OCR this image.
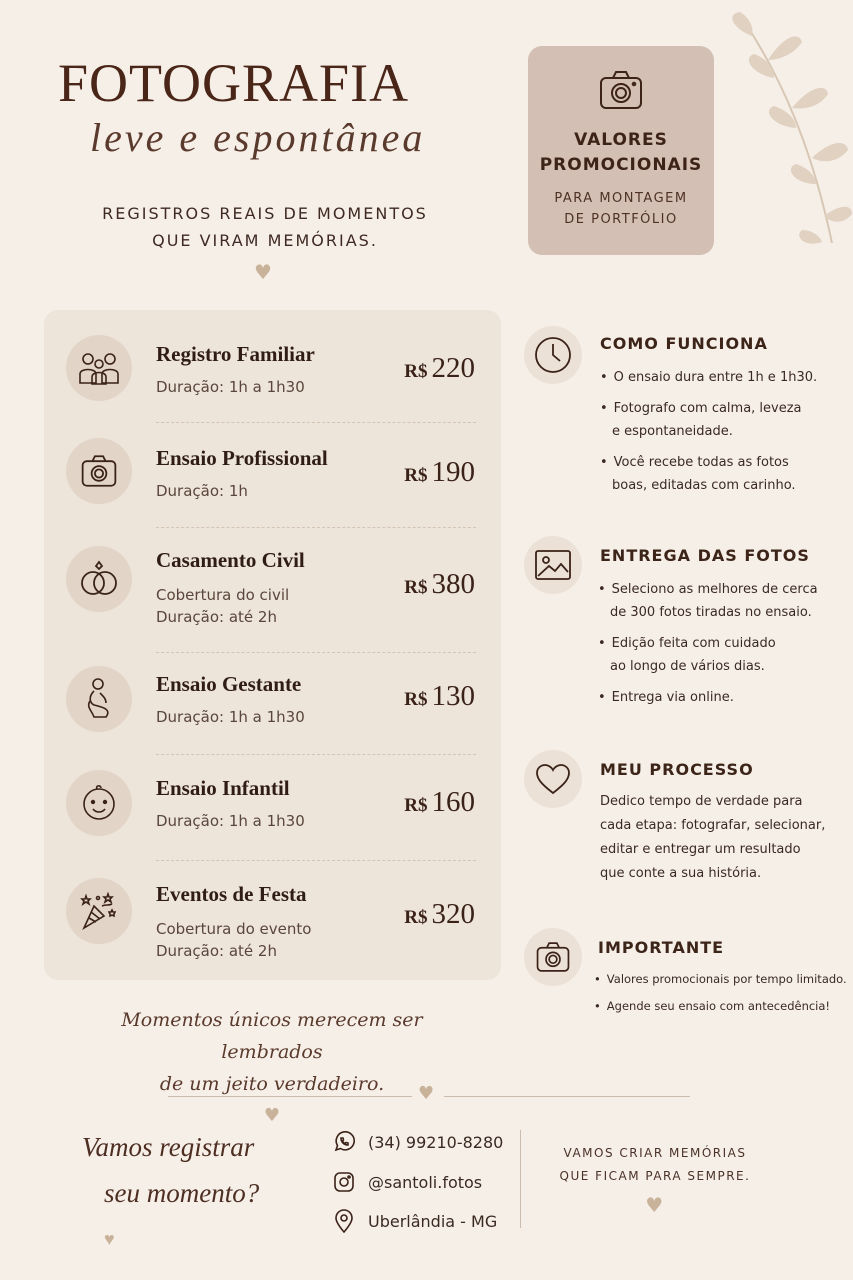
FOTOGRAFIA
leve e espontânea
REGISTROS REAIS DE MOMENTOS
QUE VIRAM MEMÓRIAS.
♥
VALORES
PROMOCIONAIS
PARA MONTAGEM
DE PORTFÓLIO
Registro Familiar
Duração: 1h a 1h30
R$ 220
Ensaio Profissional
Duração: 1h
R$ 190
Casamento Civil
Cobertura do civil
Duração: até 2h
R$ 380
Ensaio Gestante
Duração: 1h a 1h30
R$ 130
Ensaio Infantil
Duração: 1h a 1h30
R$ 160
Eventos de Festa
Cobertura do evento
Duração: até 2h
R$ 320
COMO FUNCIONA
• O ensaio dura entre 1h e 1h30.
• Fotografo com calma, leveza
e espontaneidade.
• Você recebe todas as fotos
boas, editadas com carinho.
ENTREGA DAS FOTOS
• Seleciono as melhores de cerca
de 300 fotos tiradas no ensaio.
• Edição feita com cuidado
ao longo de vários dias.
• Entrega via online.
MEU PROCESSO

Dedico tempo de verdade para
cada etapa: fotografar, selecionar,
editar e entregar um resultado
que conte a sua história.

IMPORTANTE
• Valores promocionais por tempo limitado.
• Agende seu ensaio com antecedência!
Momentos únicos merecem ser lembrados
de um jeito verdadeiro.
♥
♥
Vamos registrar
seu momento?
♥
(34) 99210-8280
@santoli.fotos
Uberlândia - MG
VAMOS CRIAR MEMÓRIAS
QUE FICAM PARA SEMPRE.
♥
